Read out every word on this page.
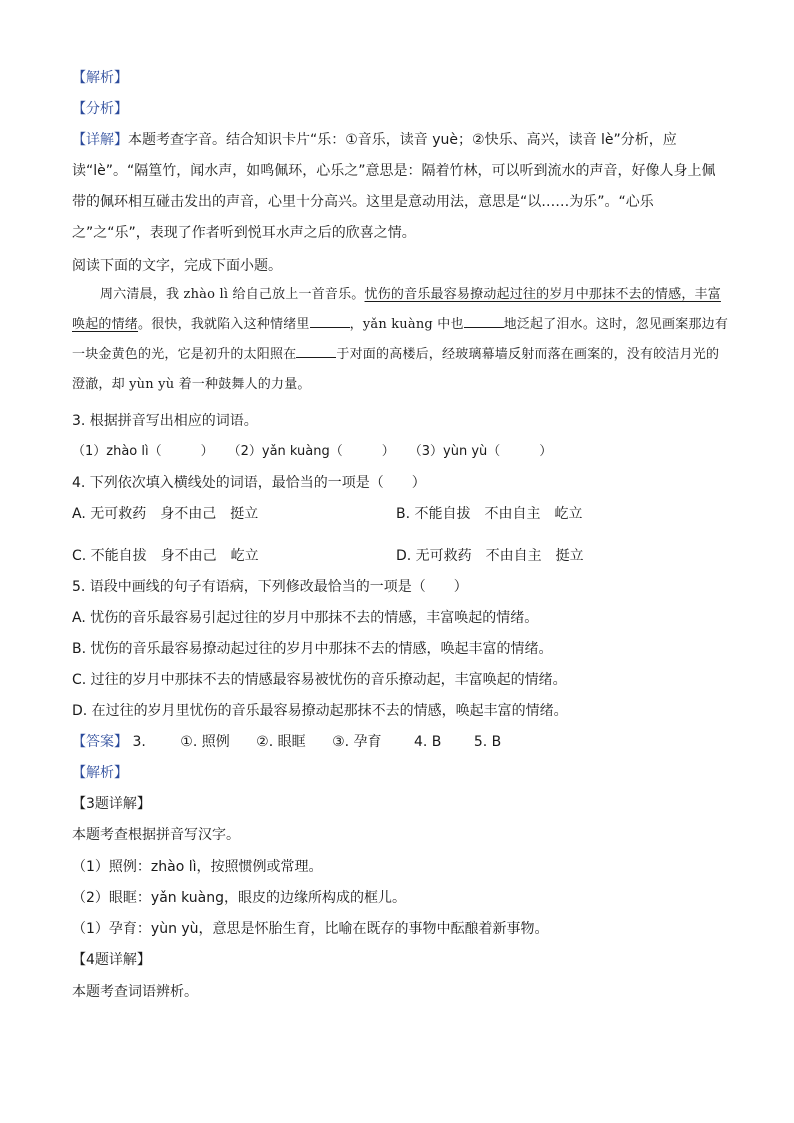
【解析】
【分析】
【详解】本题考查字音。结合知识卡片“乐：①音乐，读音 yuè；②快乐、高兴，读音 lè”分析，应读“lè”。“隔篁竹，闻水声，如鸣佩环，心乐之”意思是：隔着竹林，可以听到流水的声音，好像人身上佩带的佩环相互碰击发出的声音，心里十分高兴。这里是意动用法，意思是“以……为乐”。“心乐之”之“乐”，表现了作者听到悦耳水声之后的欣喜之情。
阅读下面的文字，完成下面小题。
周六清晨，我 zhào lì 给自己放上一首音乐。忧伤的音乐最容易撩动起过往的岁月中那抹不去的情感，丰富唤起的情绪。很快，我就陷入这种情绪里	，yǎn kuàng 中也	地泛起了泪水。这时，忽见画案那边有一块金黄色的光，它是初升的太阳照在	于对面的高楼后，经玻璃幕墙反射而落在画案的，没有皎洁月光的澄澈，却 yùn yù 着一种鼓舞人的力量。
3. 根据拼音写出相应的词语。
（1）zhào lì（　　　） （2）yǎn kuàng（　　　） （3）yùn yù（　　　）
4. 下列依次填入横线处的词语，最恰当的一项是（　　）
A. 无可救药　身不由己　挺立	B. 不能自拔　不由自主　屹立
C. 不能自拔　身不由己　屹立	D. 无可救药　不由自主　挺立
5. 语段中画线的句子有语病，下列修改最恰当的一项是（　　）
A. 忧伤的音乐最容易引起过往的岁月中那抹不去的情感，丰富唤起的情绪。
B. 忧伤的音乐最容易撩动起过往的岁月中那抹不去的情感，唤起丰富的情绪。
C. 过往的岁月中那抹不去的情感最容易被忧伤的音乐撩动起，丰富唤起的情绪。
D. 在过往的岁月里忧伤的音乐最容易撩动起那抹不去的情感，唤起丰富的情绪。
【答案】 3. ①. 照例 ②. 眼眶 ③. 孕育 4. B 5. B
【解析】
【3题详解】
本题考查根据拼音写汉字。
（1）照例：zhào lì，按照惯例或常理。
（2）眼眶：yǎn kuàng，眼皮的边缘所构成的框儿。
（1）孕育：yùn yù，意思是怀胎生育，比喻在既存的事物中酝酿着新事物。
【4题详解】
本题考查词语辨析。
